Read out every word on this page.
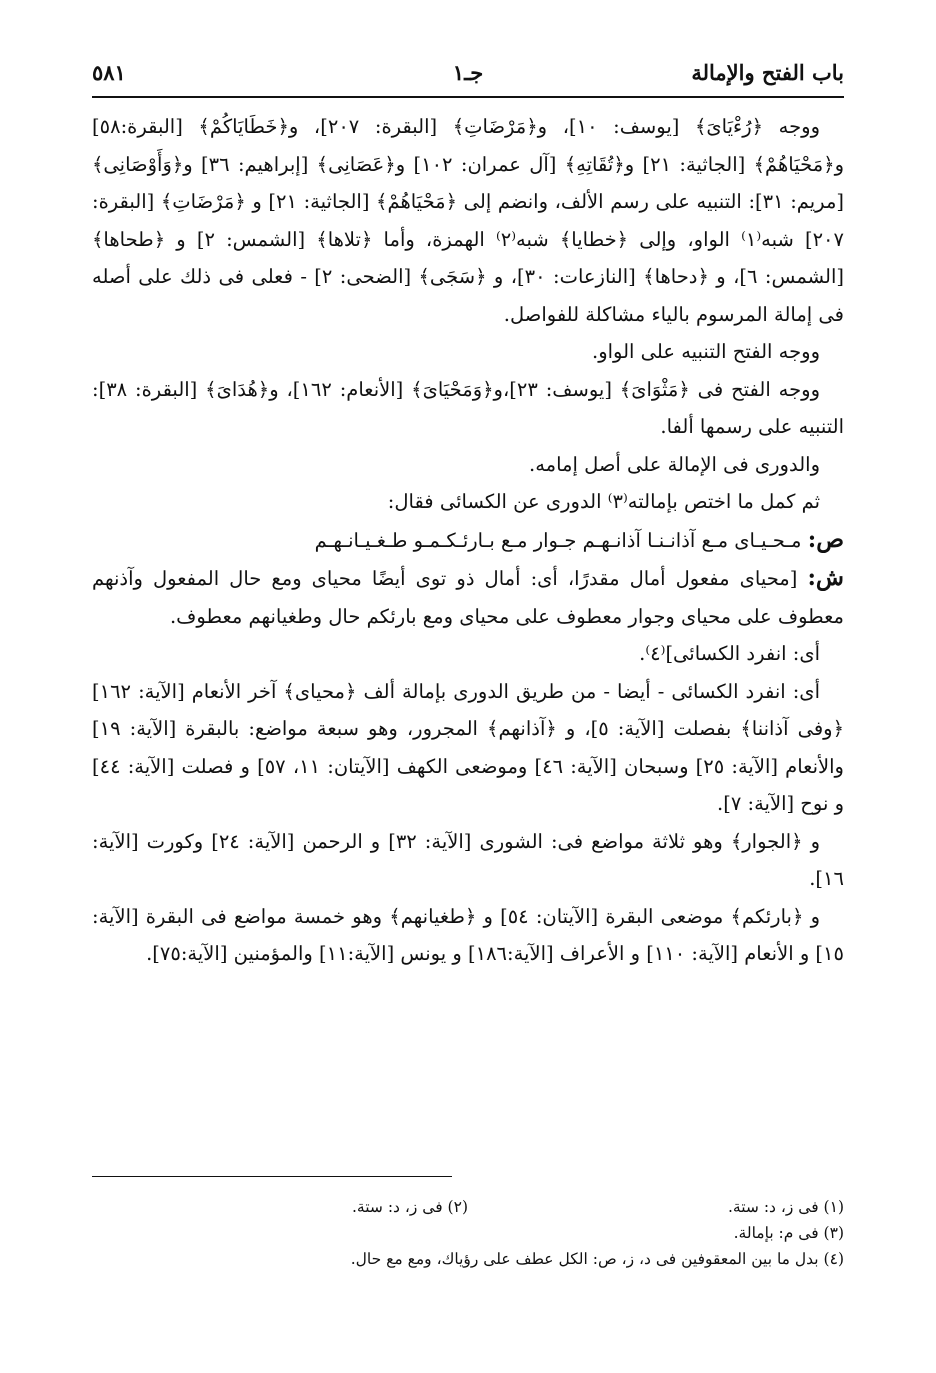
باب الفتح والإمالة
جـ١
٥٨١

ووجه ﴿رُءْيَاىَ﴾ [يوسف: ١٠]، و﴿مَرْضَاتِ﴾ [البقرة: ٢٠٧]، و﴿خَطَايَاكُمْ﴾ [البقرة:٥٨] و﴿مَحْيَاهُمْ﴾ [الجاثية: ٢١] و﴿تُقَاتِهِ﴾ [آل عمران: ١٠٢] و﴿عَصَانِى﴾ [إبراهيم: ٣٦] و﴿وَأَوْصَانِى﴾ [مريم: ٣١]: التنبيه على رسم الألف، وانضم إلى ﴿مَحْيَاهُمْ﴾ [الجاثية: ٢١] و ﴿مَرْضَاتِ﴾ [البقرة: ٢٠٧] شبه⁽١⁾ الواو، وإلى ﴿خطايا﴾ شبه⁽٢⁾ الهمزة، وأما ﴿تلاها﴾ [الشمس: ٢] و ﴿طحاها﴾ [الشمس: ٦]، و ﴿دحاها﴾ [النازعات: ٣٠]، و ﴿سَجَى﴾ [الضحى: ٢] - فعلى فى ذلك على أصله فى إمالة المرسوم بالياء مشاكلة للفواصل.

ووجه الفتح التنبيه على الواو.

ووجه الفتح فى ﴿مَثْوَاىَ﴾ [يوسف: ٢٣]،و﴿وَمَحْيَاىَ﴾ [الأنعام: ١٦٢]، و﴿هُدَاىَ﴾ [البقرة: ٣٨]: التنبيه على رسمها ألفا.

والدورى فى الإمالة على أصل إمامه.

ثم كمل ما اختص بإمالته⁽٣⁾ الدورى عن الكسائى فقال:

ص: مـحـيـاى مـع آذانـنـا آذانـهـم جـوار مـع بـارئـكـمـو طـغـيـانـهـم

ش: [محياى مفعول أمال مقدرًا، أى: أمال ذو توى أيضًا محياى ومع حال المفعول وآذنهم معطوف على محياى وجوار معطوف على محياى ومع بارئكم حال وطغيانهم معطوف.

أى: انفرد الكسائى]⁽٤⁾.

أى: انفرد الكسائى - أيضا - من طريق الدورى بإمالة ألف ﴿محياى﴾ آخر الأنعام [الآية: ١٦٢] ﴿وفى آذاننا﴾ بفصلت [الآية: ٥]، و ﴿آذانهم﴾ المجرور، وهو سبعة مواضع: بالبقرة [الآية: ١٩] والأنعام [الآية: ٢٥] وسبحان [الآية: ٤٦] وموضعى الكهف [الآيتان: ١١، ٥٧] و فصلت [الآية: ٤٤] و نوح [الآية: ٧].

و ﴿الجوار﴾ وهو ثلاثة مواضع فى: الشورى [الآية: ٣٢] و الرحمن [الآية: ٢٤] وكورت [الآية: ١٦].

و ﴿بارئكم﴾ موضعى البقرة [الآيتان: ٥٤] و ﴿طغيانهم﴾ وهو خمسة مواضع فى البقرة [الآية: ١٥] و الأنعام [الآية: ١١٠] و الأعراف [الآية:١٨٦] و يونس [الآية:١١] والمؤمنين [الآية:٧٥].

(١) فى ز، د: ستة.
(٢) فى ز، د: ستة.
(٣) فى م: بإمالة.
(٤) بدل ما بين المعقوفين فى د، ز، ص: الكل عطف على رؤياك، ومع مع حال.
